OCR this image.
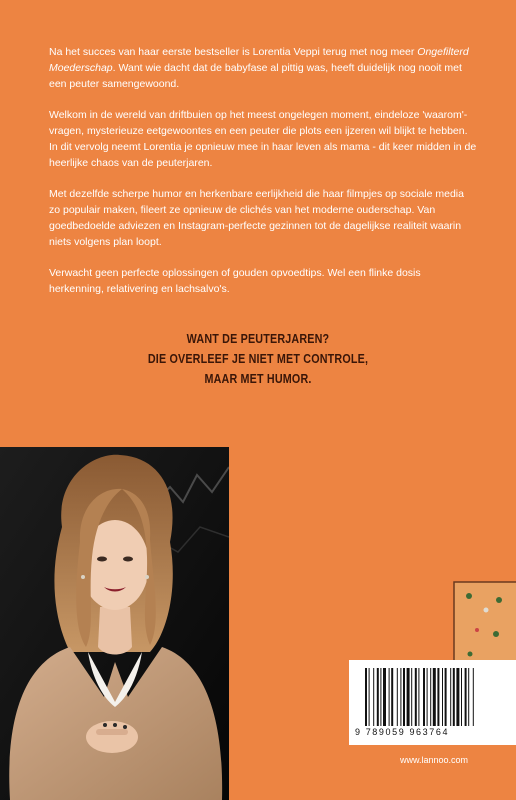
Na het succes van haar eerste bestseller is Lorentia Veppi terug met nog meer Ongefilterd Moederschap. Want wie dacht dat de babyfase al pittig was, heeft duidelijk nog nooit met een peuter samengewoond.

Welkom in de wereld van driftbuien op het meest ongelegen moment, eindeloze 'waarom'-vragen, mysterieuze eetgewoontes en een peuter die plots een ijzeren wil blijkt te hebben. In dit vervolg neemt Lorentia je opnieuw mee in haar leven als mama - dit keer midden in de heerlijke chaos van de peuterjaren.

Met dezelfde scherpe humor en herkenbare eerlijkheid die haar filmpjes op sociale media zo populair maken, fileert ze opnieuw de clichés van het moderne ouderschap. Van goedbedoelde adviezen en Instagram-perfecte gezinnen tot de dagelijkse realiteit waarin niets volgens plan loopt.

Verwacht geen perfecte oplossingen of gouden opvoedtips. Wel een flinke dosis herkenning, relativering en lachsalvo's.

WANT DE PEUTERJAREN?
DIE OVERLEEF JE NIET MET CONTROLE,
MAAR MET HUMOR.
9 789059 963764
www.lannoo.com
